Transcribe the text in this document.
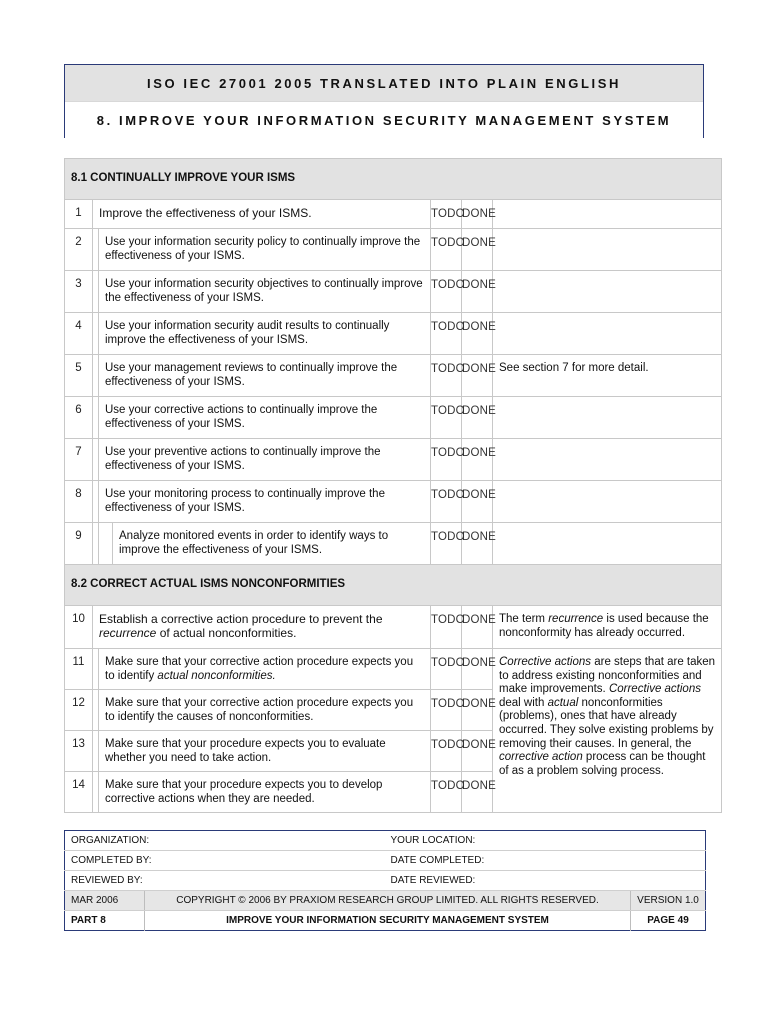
ISO IEC 27001 2005 TRANSLATED INTO PLAIN ENGLISH
8. IMPROVE YOUR INFORMATION SECURITY MANAGEMENT SYSTEM
8.1 CONTINUALLY IMPROVE YOUR ISMS						
1	Improve the effectiveness of your ISMS.			TODO	DONE	
2		Use your information security policy to continually improve the effectiveness of your ISMS.		TODO	DONE	
3		Use your information security objectives to continually improve the effectiveness of your ISMS.		TODO	DONE	
4		Use your information security audit results to continually improve the effectiveness of your ISMS.		TODO	DONE	
5		Use your management reviews to continually improve the effectiveness of your ISMS.		TODO	DONE	See section 7 for more detail.
6		Use your corrective actions to continually improve the effectiveness of your ISMS.		TODO	DONE	
7		Use your preventive actions to continually improve the effectiveness of your ISMS.		TODO	DONE	
8		Use your monitoring process to continually improve the effectiveness of your ISMS.		TODO	DONE	
9			Analyze monitored events in order to identify ways to improve the effectiveness of your ISMS.	TODO	DONE	
8.2 CORRECT ACTUAL ISMS NONCONFORMITIES						
10	Establish a corrective action procedure to prevent the recurrence of actual nonconformities.			TODO	DONE	The term recurrence is used because the nonconformity has already occurred.
11		Make sure that your corrective action procedure expects you to identify actual nonconformities.		TODO	DONE	Corrective actions are steps that are taken to address existing nonconformities and make improvements. Corrective actions deal with actual nonconformities (problems), ones that have already occurred. They solve existing problems by removing their causes. In general, the corrective action process can be thought of as a problem solving process.
12		Make sure that your corrective action procedure expects you to identify the causes of nonconformities.		TODO	DONE	
13		Make sure that your procedure expects you to evaluate whether you need to take action.		TODO	DONE	
14		Make sure that your procedure expects you to develop corrective actions when they are needed.		TODO	DONE	
ORGANIZATION:		YOUR LOCATION:	
COMPLETED BY:		DATE COMPLETED:	
REVIEWED BY:		DATE REVIEWED:	
MAR 2006	COPYRIGHT © 2006 BY PRAXIOM RESEARCH GROUP LIMITED. ALL RIGHTS RESERVED.		VERSION 1.0
PART 8	IMPROVE YOUR INFORMATION SECURITY MANAGEMENT SYSTEM		PAGE 49
